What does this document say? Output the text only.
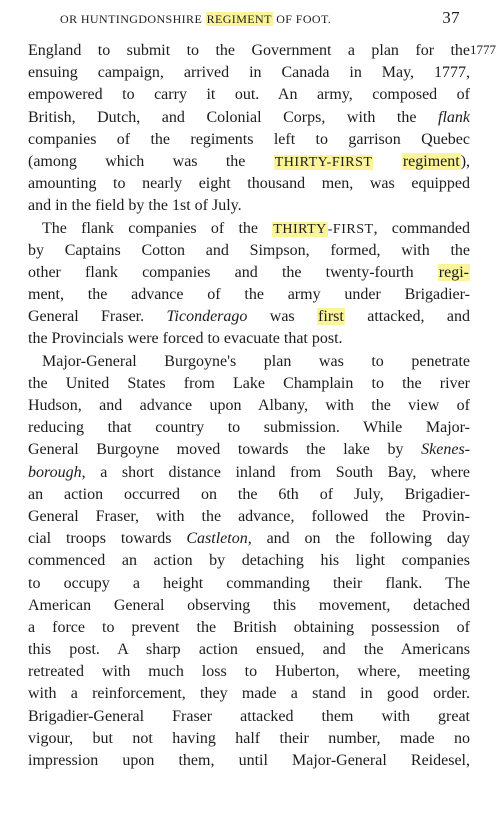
OR HUNTINGDONSHIRE REGIMENT OF FOOT.	37
1777
England to submit to the Government a plan for the
ensuing campaign, arrived in Canada in May, 1777,
empowered to carry it out. An army, composed of
British, Dutch, and Colonial Corps, with the flank
companies of the regiments left to garrison Quebec
(among which was the THIRTY-FIRST regiment),
amounting to nearly eight thousand men, was equipped
and in the field by the 1st of July.
The flank companies of the THIRTY-FIRST, commanded
by Captains Cotton and Simpson, formed, with the
other flank companies and the twenty-fourth regi-
ment, the advance of the army under Brigadier-
General Fraser. Ticonderago was first attacked, and
the Provincials were forced to evacuate that post.
Major-General Burgoyne's plan was to penetrate
the United States from Lake Champlain to the river
Hudson, and advance upon Albany, with the view of
reducing that country to submission. While Major-
General Burgoyne moved towards the lake by Skenes-
borough, a short distance inland from South Bay, where
an action occurred on the 6th of July, Brigadier-
General Fraser, with the advance, followed the Provin-
cial troops towards Castleton, and on the following day
commenced an action by detaching his light companies
to occupy a height commanding their flank. The
American General observing this movement, detached
a force to prevent the British obtaining possession of
this post. A sharp action ensued, and the Americans
retreated with much loss to Huberton, where, meeting
with a reinforcement, they made a stand in good order.
Brigadier-General Fraser attacked them with great
vigour, but not having half their number, made no
impression upon them, until Major-General Reidesel,
